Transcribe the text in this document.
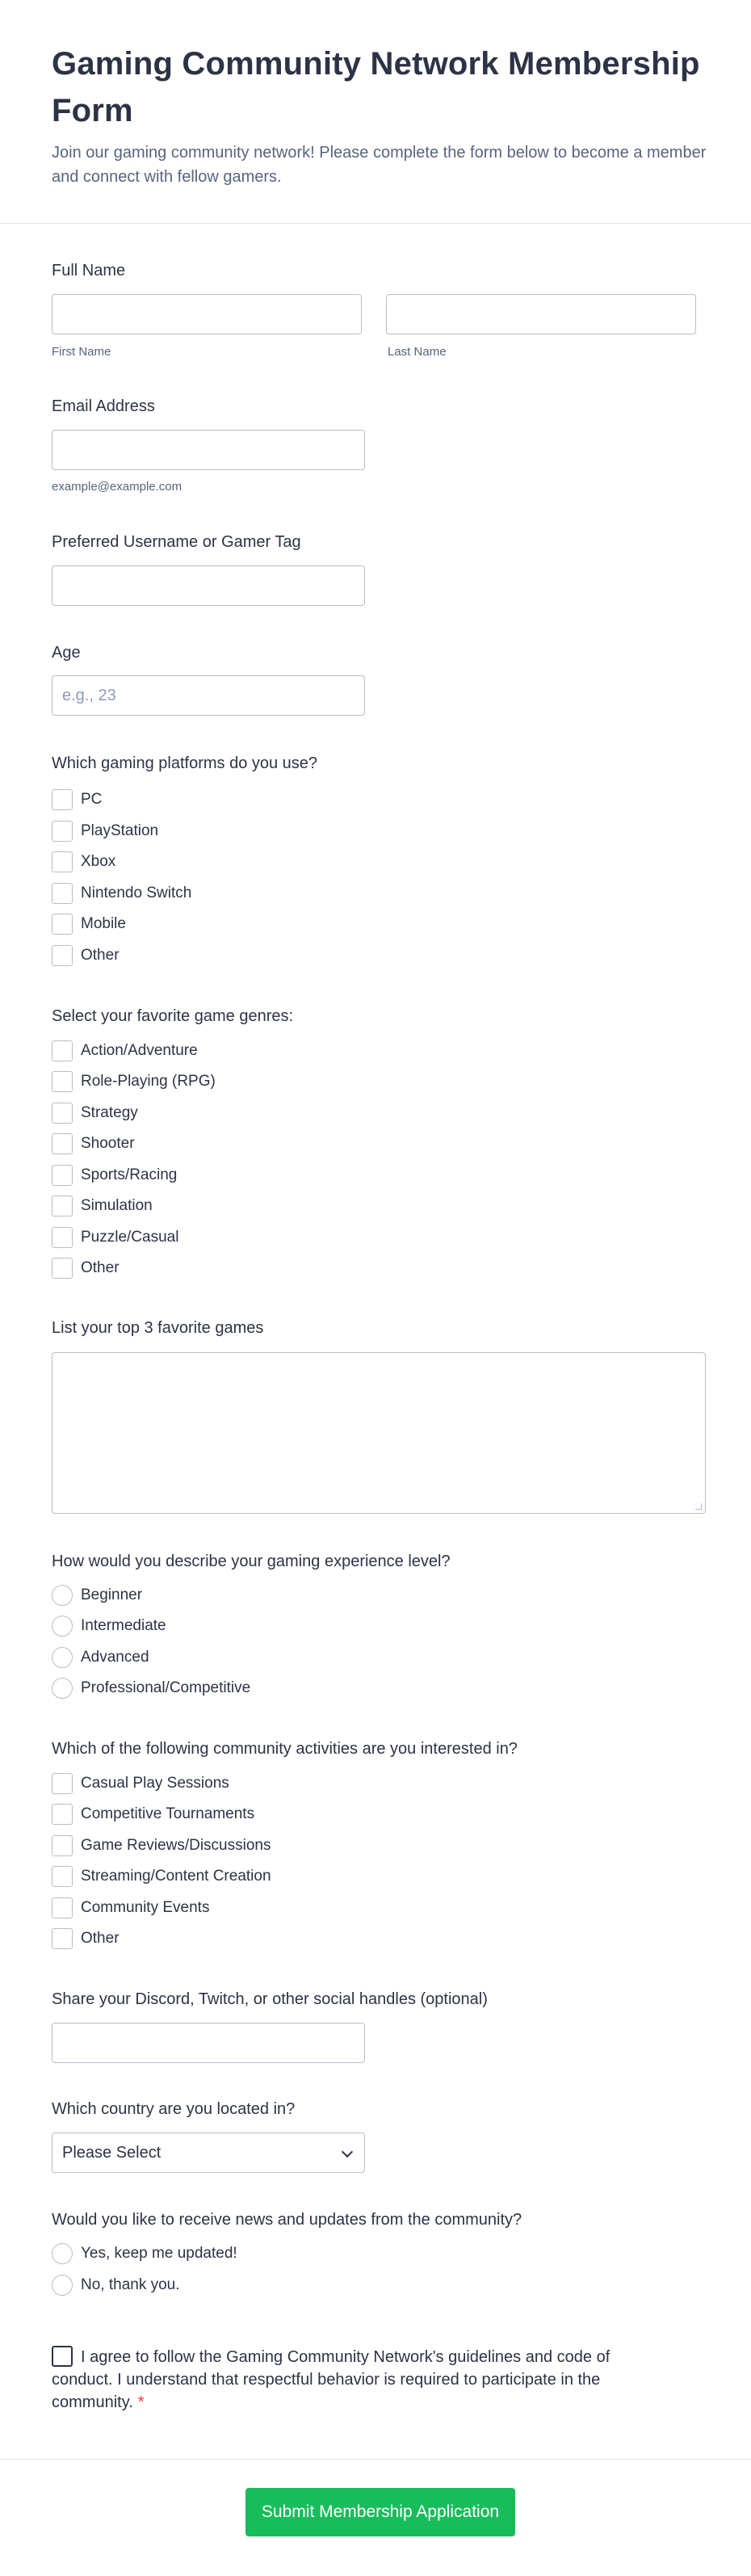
Gaming Community Network Membership Form

Join our gaming community network! Please complete the form below to become a member and connect with fellow gamers.

Full Name
First Name	Last Name
Email Address
example@example.com
Preferred Username or Gamer Tag
Age
e.g., 23
Which gaming platforms do you use?
PC
PlayStation
Xbox
Nintendo Switch
Mobile
Other
Select your favorite game genres:
Action/Adventure
Role-Playing (RPG)
Strategy
Shooter
Sports/Racing
Simulation
Puzzle/Casual
Other
List your top 3 favorite games
How would you describe your gaming experience level?
Beginner
Intermediate
Advanced
Professional/Competitive
Which of the following community activities are you interested in?
Casual Play Sessions
Competitive Tournaments
Game Reviews/Discussions
Streaming/Content Creation
Community Events
Other
Share your Discord, Twitch, or other social handles (optional)
Which country are you located in?
Please Select
Would you like to receive news and updates from the community?
Yes, keep me updated!
No, thank you.
I agree to follow the Gaming Community Network's guidelines and code of conduct. I understand that respectful behavior is required to participate in the community. *
Submit Membership Application
